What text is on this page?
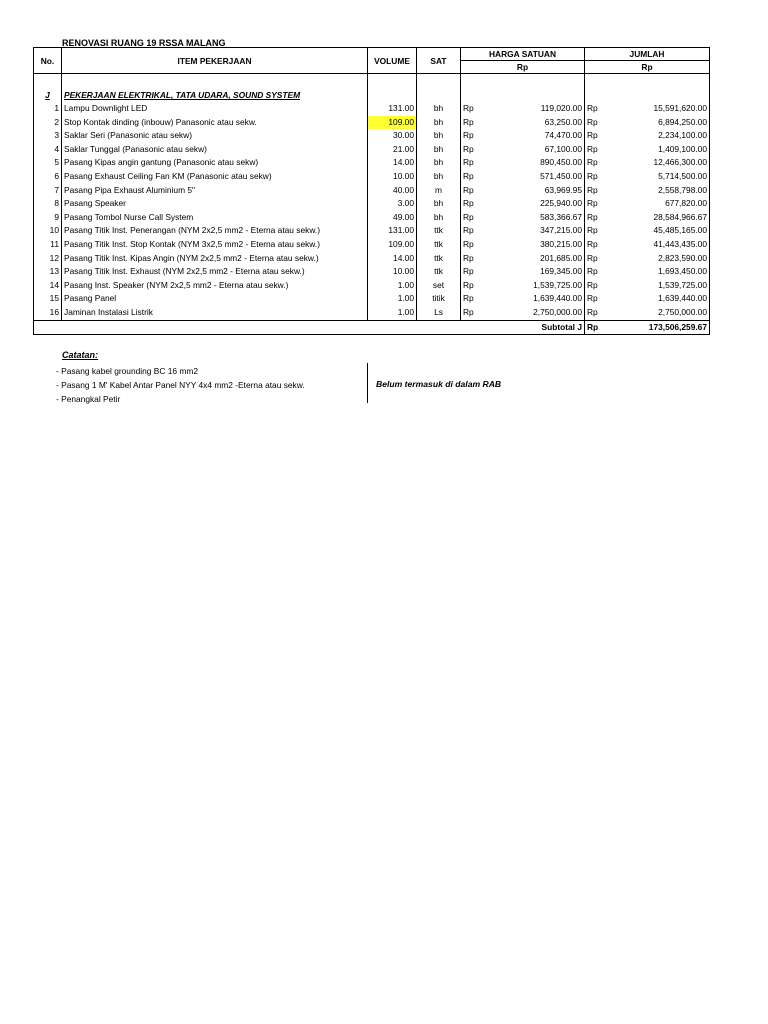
RENOVASI RUANG 19 RSSA MALANG
No.	ITEM PEKERJAAN	VOLUME	SAT	HARGA SATUAN		JUMLAH	
				Rp		Rp	

J	PEKERJAAN ELEKTRIKAL, TATA UDARA, SOUND SYSTEM						
1	Lampu Downlight LED	131.00	bh	Rp	119,020.00	Rp	15,591,620.00
2	Stop Kontak dinding (inbouw) Panasonic atau sekw.	109.00	bh	Rp	63,250.00	Rp	6,894,250.00
3	Saklar Seri (Panasonic atau sekw)	30.00	bh	Rp	74,470.00	Rp	2,234,100.00
4	Saklar Tunggal (Panasonic atau sekw)	21.00	bh	Rp	67,100.00	Rp	1,409,100.00
5	Pasang Kipas angin gantung (Panasonic atau sekw)	14.00	bh	Rp	890,450.00	Rp	12,466,300.00
6	Pasang Exhaust Ceiling Fan KM (Panasonic atau sekw)	10.00	bh	Rp	571,450.00	Rp	5,714,500.00
7	Pasang Pipa Exhaust Aluminium 5"	40.00	m	Rp	63,969.95	Rp	2,558,798.00
8	Pasang Speaker	3.00	bh	Rp	225,940.00	Rp	677,820.00
9	Pasang Tombol Nurse Call System	49.00	bh	Rp	583,366.67	Rp	28,584,966.67
10	Pasang Titik Inst. Penerangan (NYM 2x2,5 mm2 - Eterna atau sekw.)	131.00	ttk	Rp	347,215.00	Rp	45,485,165.00
11	Pasang Titik Inst. Stop Kontak (NYM 3x2,5 mm2 - Eterna atau sekw.)	109.00	ttk	Rp	380,215.00	Rp	41,443,435.00
12	Pasang Titik Inst. Kipas Angin (NYM 2x2,5 mm2 - Eterna atau sekw.)	14.00	ttk	Rp	201,685.00	Rp	2,823,590.00
13	Pasang Titik Inst. Exhaust (NYM 2x2,5 mm2 - Eterna atau sekw.)	10.00	ttk	Rp	169,345.00	Rp	1,693,450.00
14	Pasang Inst. Speaker (NYM 2x2,5 mm2 - Eterna atau sekw.)	1.00	set	Rp	1,539,725.00	Rp	1,539,725.00
15	Pasang Panel	1.00	titik	Rp	1,639,440.00	Rp	1,639,440.00
16	Jaminan Instalasi Listrik	1.00	Ls	Rp	2,750,000.00	Rp	2,750,000.00
Subtotal J						Rp	173,506,259.67
Catatan:
- Pasang kabel grounding BC 16 mm2
- Pasang 1 M' Kabel Antar Panel NYY 4x4 mm2 -Eterna atau sekw.
- Penangkal Petir
Belum termasuk di dalam RAB
